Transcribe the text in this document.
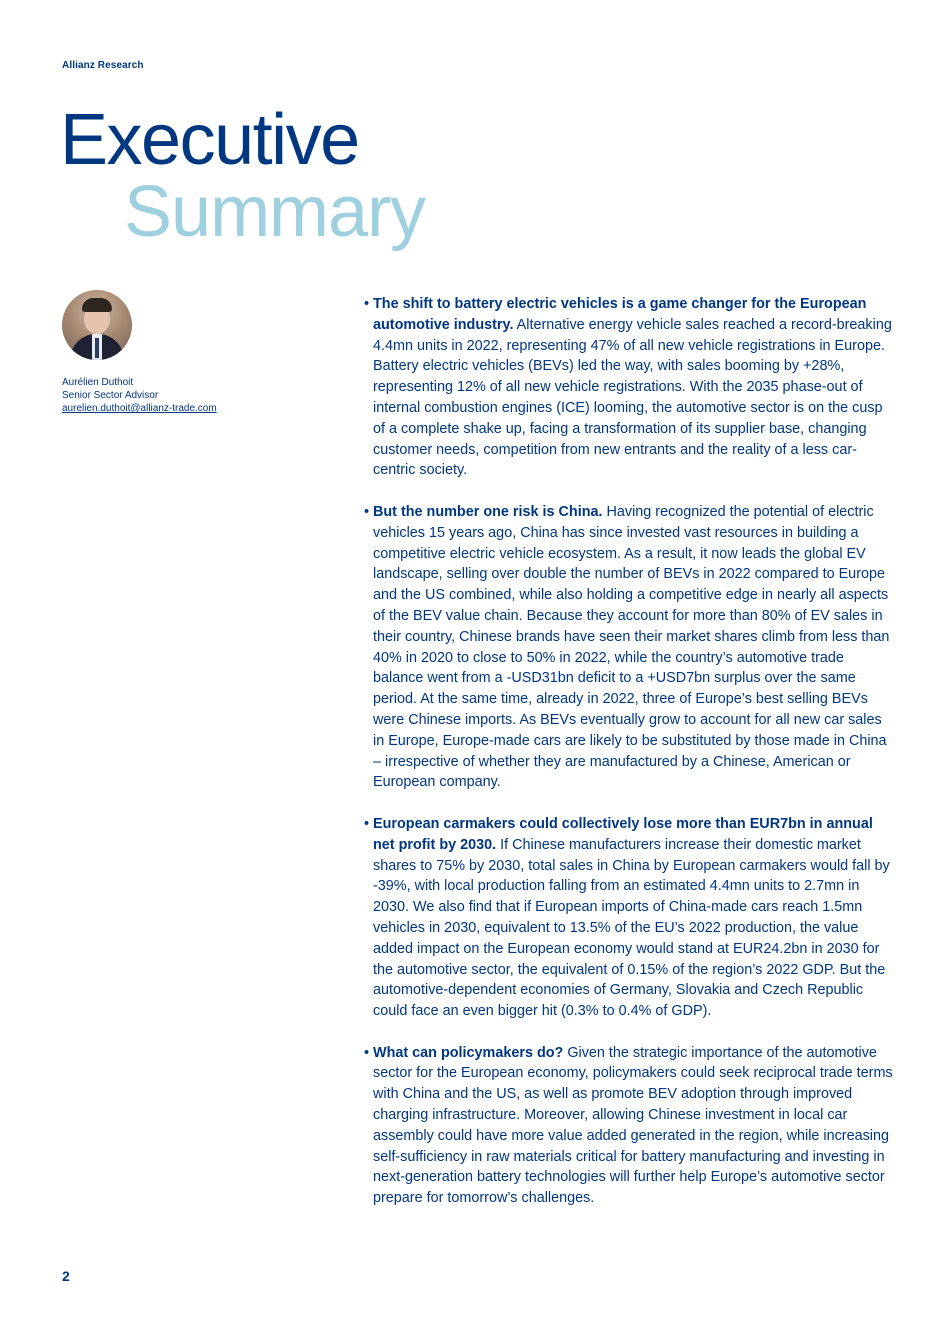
Allianz Research
Executive
Summary
Aurélien Duthoit
Senior Sector Advisor
aurelien.duthoit@allianz-trade.com
• The shift to battery electric vehicles is a game changer for the European automotive industry. Alternative energy vehicle sales reached a record-breaking 4.4mn units in 2022, representing 47% of all new vehicle registrations in Europe. Battery electric vehicles (BEVs) led the way, with sales booming by +28%, representing 12% of all new vehicle registrations. With the 2035 phase-out of internal combustion engines (ICE) looming, the automotive sector is on the cusp of a complete shake up, facing a transformation of its supplier base, changing customer needs, competition from new entrants and the reality of a less car-centric society.
• But the number one risk is China. Having recognized the potential of electric vehicles 15 years ago, China has since invested vast resources in building a competitive electric vehicle ecosystem. As a result, it now leads the global EV landscape, selling over double the number of BEVs in 2022 compared to Europe and the US combined, while also holding a competitive edge in nearly all aspects of the BEV value chain. Because they account for more than 80% of EV sales in their country, Chinese brands have seen their market shares climb from less than 40% in 2020 to close to 50% in 2022, while the country’s automotive trade balance went from a -USD31bn deficit to a +USD7bn surplus over the same period. At the same time, already in 2022, three of Europe’s best selling BEVs were Chinese imports. As BEVs eventually grow to account for all new car sales in Europe, Europe-made cars are likely to be substituted by those made in China – irrespective of whether they are manufactured by a Chinese, American or European company.
• European carmakers could collectively lose more than EUR7bn in annual net profit by 2030. If Chinese manufacturers increase their domestic market shares to 75% by 2030, total sales in China by European carmakers would fall by -39%, with local production falling from an estimated 4.4mn units to 2.7mn in 2030. We also find that if European imports of China-made cars reach 1.5mn vehicles in 2030, equivalent to 13.5% of the EU’s 2022 production, the value added impact on the European economy would stand at EUR24.2bn in 2030 for the automotive sector, the equivalent of 0.15% of the region’s 2022 GDP. But the automotive-dependent economies of Germany, Slovakia and Czech Republic could face an even bigger hit (0.3% to 0.4% of GDP).
• What can policymakers do? Given the strategic importance of the automotive sector for the European economy, policymakers could seek reciprocal trade terms with China and the US, as well as promote BEV adoption through improved charging infrastructure. Moreover, allowing Chinese investment in local car assembly could have more value added generated in the region, while increasing self-sufficiency in raw materials critical for battery manufacturing and investing in next-generation battery technologies will further help Europe’s automotive sector prepare for tomorrow’s challenges.
2
